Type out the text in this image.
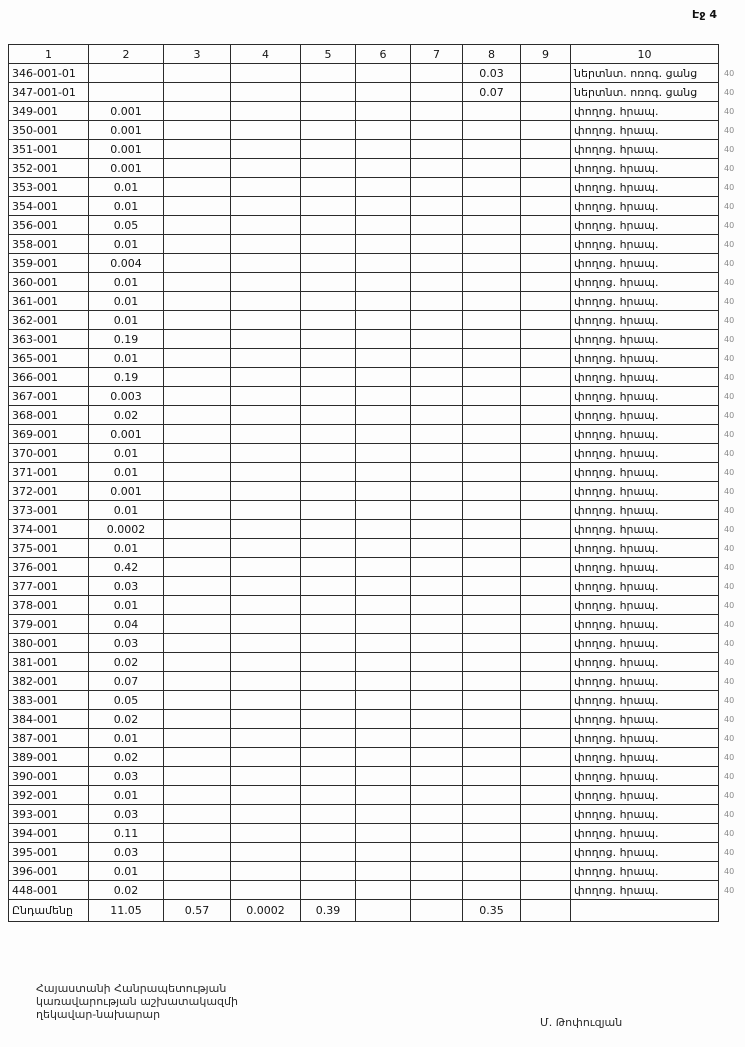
Էջ 4
1	2	3	4	5	6	7	8	9	10	
346-001-01							0.03		ներտնտ. ոռոգ. ցանց	40
347-001-01							0.07		ներտնտ. ոռոգ. ցանց	40
349-001	0.001								փողոց. հրապ.	40
350-001	0.001								փողոց. հրապ.	40
351-001	0.001								փողոց. հրապ.	40
352-001	0.001								փողոց. հրապ.	40
353-001	0.01								փողոց. հրապ.	40
354-001	0.01								փողոց. հրապ.	40
356-001	0.05								փողոց. հրապ.	40
358-001	0.01								փողոց. հրապ.	40
359-001	0.004								փողոց. հրապ.	40
360-001	0.01								փողոց. հրապ.	40
361-001	0.01								փողոց. հրապ.	40
362-001	0.01								փողոց. հրապ.	40
363-001	0.19								փողոց. հրապ.	40
365-001	0.01								փողոց. հրապ.	40
366-001	0.19								փողոց. հրապ.	40
367-001	0.003								փողոց. հրապ.	40
368-001	0.02								փողոց. հրապ.	40
369-001	0.001								փողոց. հրապ.	40
370-001	0.01								փողոց. հրապ.	40
371-001	0.01								փողոց. հրապ.	40
372-001	0.001								փողոց. հրապ.	40
373-001	0.01								փողոց. հրապ.	40
374-001	0.0002								փողոց. հրապ.	40
375-001	0.01								փողոց. հրապ.	40
376-001	0.42								փողոց. հրապ.	40
377-001	0.03								փողոց. հրապ.	40
378-001	0.01								փողոց. հրապ.	40
379-001	0.04								փողոց. հրապ.	40
380-001	0.03								փողոց. հրապ.	40
381-001	0.02								փողոց. հրապ.	40
382-001	0.07								փողոց. հրապ.	40
383-001	0.05								փողոց. հրապ.	40
384-001	0.02								փողոց. հրապ.	40
387-001	0.01								փողոց. հրապ.	40
389-001	0.02								փողոց. հրապ.	40
390-001	0.03								փողոց. հրապ.	40
392-001	0.01								փողոց. հրապ.	40
393-001	0.03								փողոց. հրապ.	40
394-001	0.11								փողոց. հրապ.	40
395-001	0.03								փողոց. հրապ.	40
396-001	0.01								փողոց. հրապ.	40
448-001	0.02								փողոց. հրապ.	40
Ընդամենը	11.05	0.57	0.0002	0.39			0.35			
Հայաստանի Հանրապետության
կառավարության աշխատակազմի
ղեկավար-նախարար
Մ. Թոփուզյան
